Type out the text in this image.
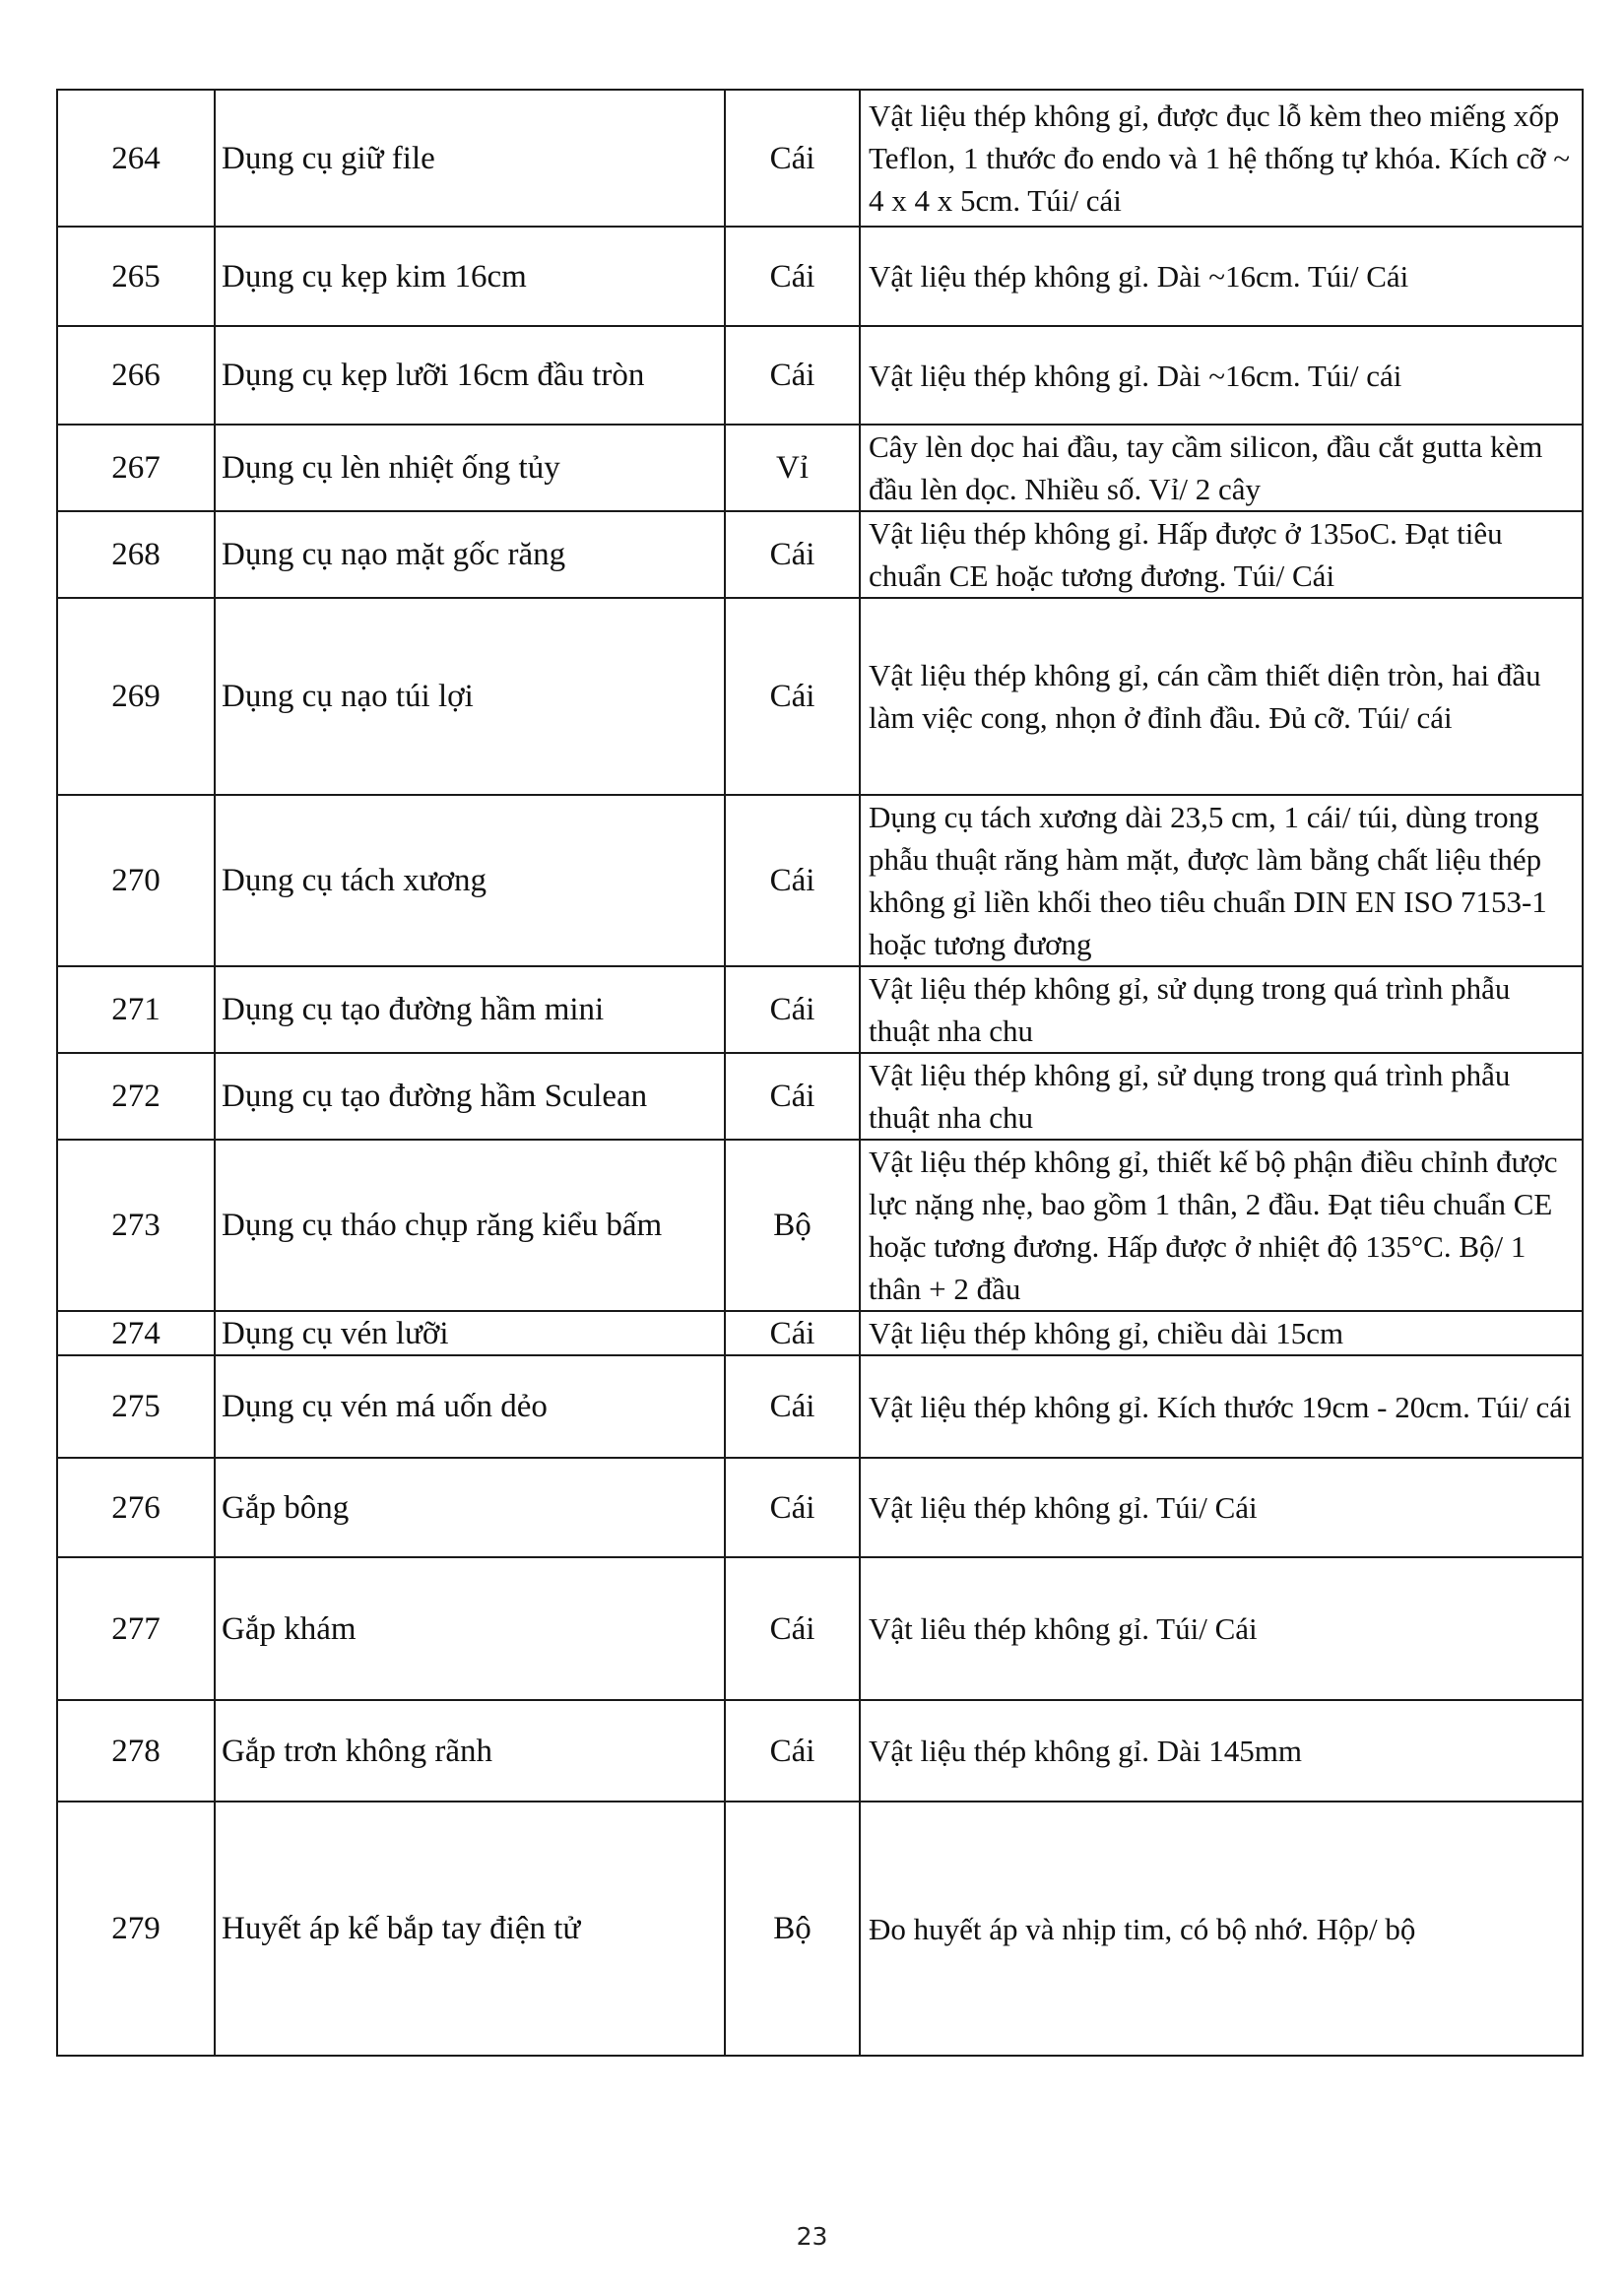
264	Dụng cụ giữ file	Cái	Vật liệu thép không gỉ, được đục lỗ kèm theo miếng xốp Teflon, 1 thước đo endo và 1 hệ thống tự khóa. Kích cỡ ~ 4 x 4 x 5cm. Túi/ cái
265	Dụng cụ kẹp kim 16cm	Cái	Vật liệu thép không gỉ. Dài ~16cm. Túi/ Cái
266	Dụng cụ kẹp lưỡi 16cm đầu tròn	Cái	Vật liệu thép không gỉ. Dài ~16cm. Túi/ cái
267	Dụng cụ lèn nhiệt ống tủy	Vỉ	Cây lèn dọc hai đầu, tay cầm silicon, đầu cắt gutta kèm đầu lèn dọc. Nhiều số. Vỉ/ 2 cây
268	Dụng cụ nạo mặt gốc răng	Cái	Vật liệu thép không gỉ. Hấp được ở 135oC. Đạt tiêu chuẩn CE hoặc tương đương. Túi/ Cái
269	Dụng cụ nạo túi lợi	Cái	Vật liệu thép không gỉ, cán cầm thiết diện tròn, hai đầu làm việc cong, nhọn ở đỉnh đầu. Đủ cỡ. Túi/ cái
270	Dụng cụ tách xương	Cái	Dụng cụ tách xương dài 23,5 cm, 1 cái/ túi, dùng trong phẫu thuật răng hàm mặt, được làm bằng chất liệu thép không gỉ liền khối theo tiêu chuẩn DIN EN ISO 7153-1 hoặc tương đương
271	Dụng cụ tạo đường hầm mini	Cái	Vật liệu thép không gỉ, sử dụng trong quá trình phẫu thuật nha chu
272	Dụng cụ tạo đường hầm Sculean	Cái	Vật liệu thép không gỉ, sử dụng trong quá trình phẫu thuật nha chu
273	Dụng cụ tháo chụp răng kiểu bấm	Bộ	Vật liệu thép không gỉ, thiết kế bộ phận điều chỉnh được lực nặng nhẹ, bao gồm 1 thân, 2 đầu. Đạt tiêu chuẩn CE hoặc tương đương. Hấp được ở nhiệt độ 135°C. Bộ/ 1 thân + 2 đầu
274	Dụng cụ vén lưỡi	Cái	Vật liệu thép không gỉ, chiều dài 15cm
275	Dụng cụ vén má uốn dẻo	Cái	Vật liệu thép không gỉ. Kích thước 19cm - 20cm. Túi/ cái
276	Gắp bông	Cái	Vật liệu thép không gỉ. Túi/ Cái
277	Gắp khám	Cái	Vật liêu thép không gỉ. Túi/ Cái
278	Gắp trơn không rãnh	Cái	Vật liệu thép không gỉ. Dài 145mm
279	Huyết áp kế bắp tay điện tử	Bộ	Đo huyết áp và nhịp tim, có bộ nhớ. Hộp/ bộ
23
